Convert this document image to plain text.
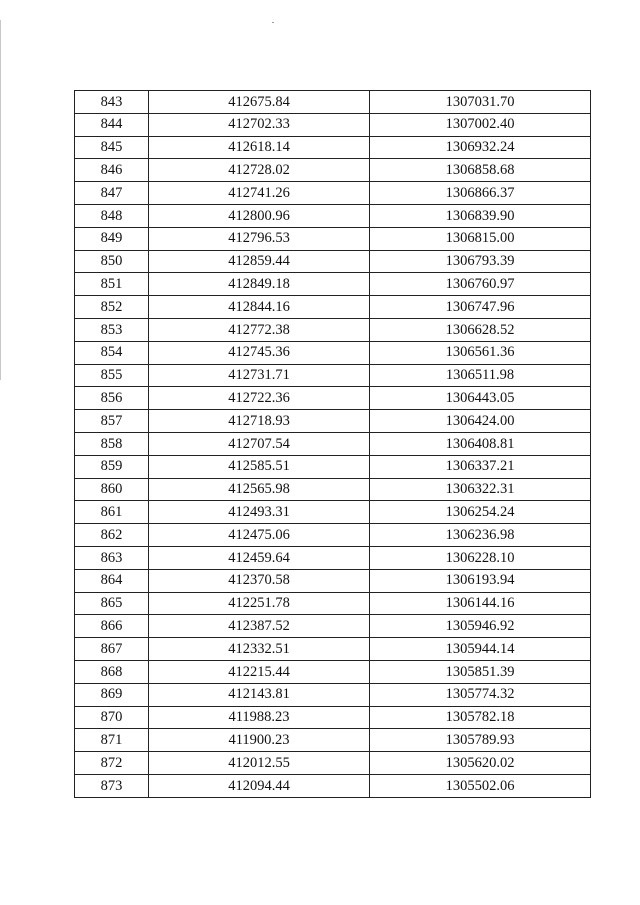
843	412675.84	1307031.70
844	412702.33	1307002.40
845	412618.14	1306932.24
846	412728.02	1306858.68
847	412741.26	1306866.37
848	412800.96	1306839.90
849	412796.53	1306815.00
850	412859.44	1306793.39
851	412849.18	1306760.97
852	412844.16	1306747.96
853	412772.38	1306628.52
854	412745.36	1306561.36
855	412731.71	1306511.98
856	412722.36	1306443.05
857	412718.93	1306424.00
858	412707.54	1306408.81
859	412585.51	1306337.21
860	412565.98	1306322.31
861	412493.31	1306254.24
862	412475.06	1306236.98
863	412459.64	1306228.10
864	412370.58	1306193.94
865	412251.78	1306144.16
866	412387.52	1305946.92
867	412332.51	1305944.14
868	412215.44	1305851.39
869	412143.81	1305774.32
870	411988.23	1305782.18
871	411900.23	1305789.93
872	412012.55	1305620.02
873	412094.44	1305502.06
